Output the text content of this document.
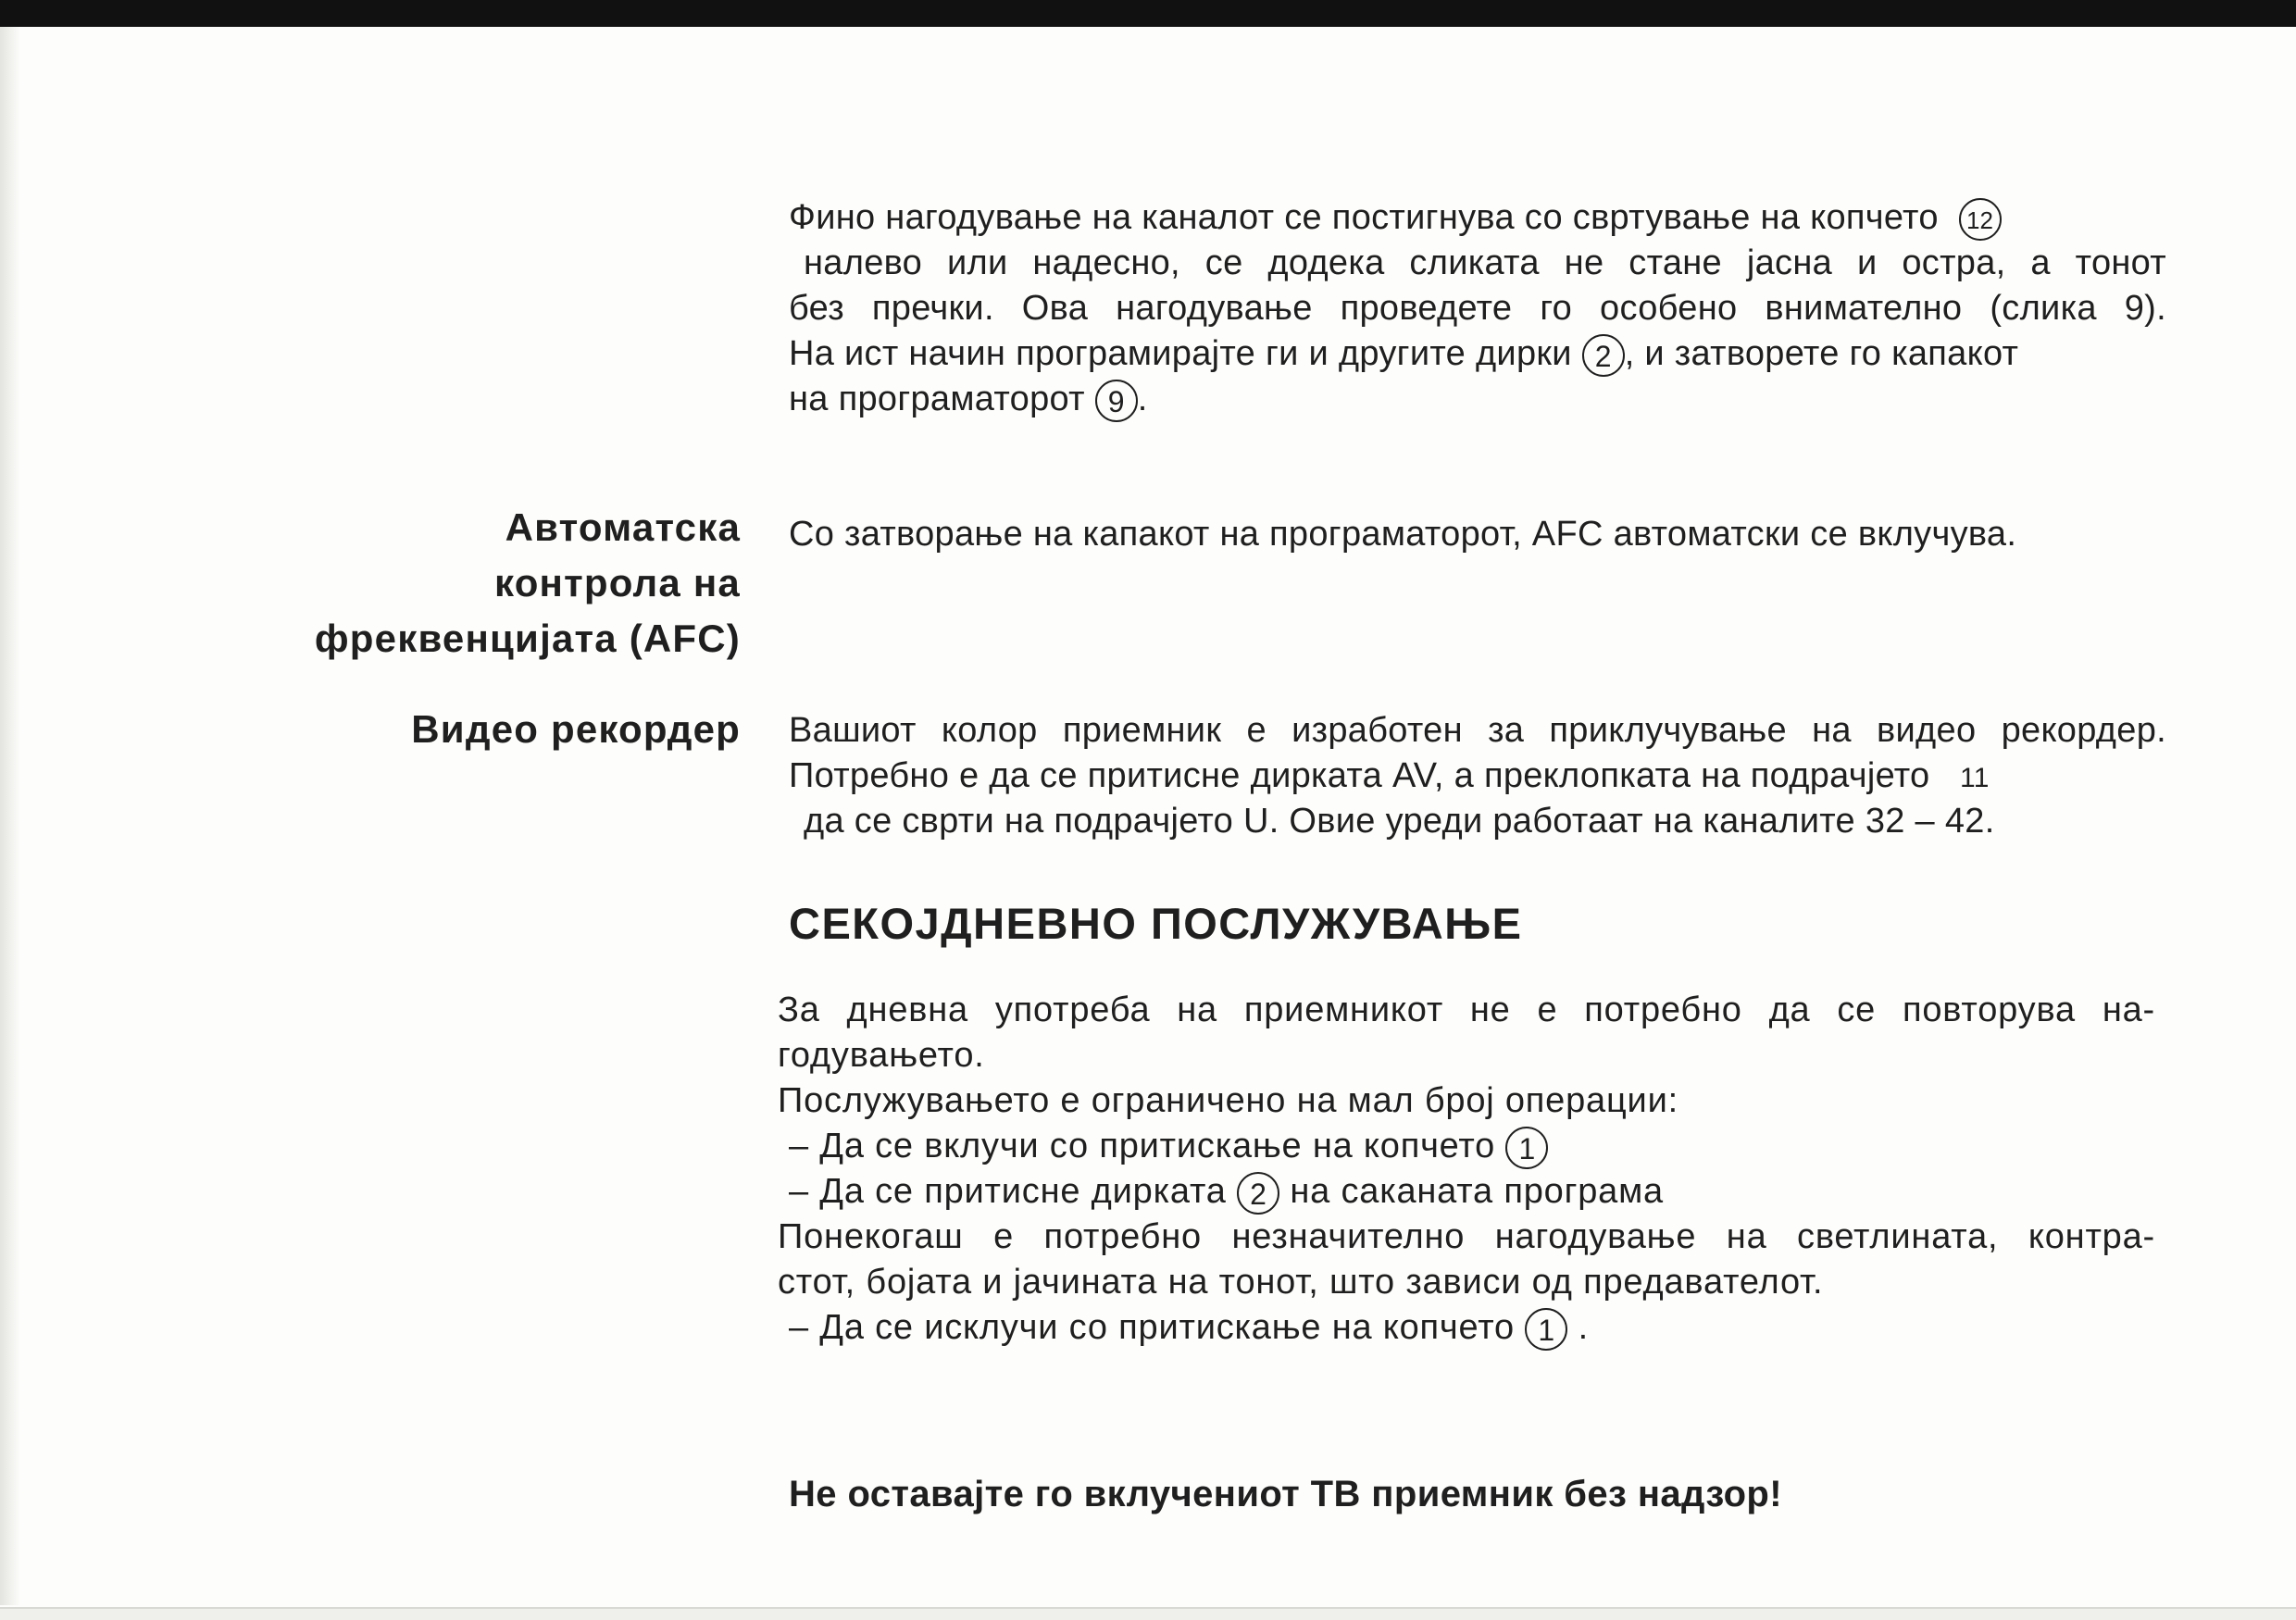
Фино нагодување на каналот се постигнува со свртување на копчето 12
налево или надесно, се додека сликата не стане јасна и остра, а тонот
без пречки. Ова нагодување проведете го особено внимателно (слика 9).
На ист начин програмирајте ги и другите дирки 2 , и затворете го капакот
на програматорот 9 .
Автоматска
контрола на
фреквенцијата (AFC)
Со затворање на капакот на програматорот, AFC автоматски се вклучува.
Видео рекордер Вашиот колор приемник е изработен за приклучување на видео рекордер.
Потребно е да се притисне дирката AV, а преклопката на подрачјето 11
да се сврти на подрачјето U. Овие уреди работаат на каналите 32 – 42.
СЕКОЈДНЕВНО ПОСЛУЖУВАЊЕ
За дневна употреба на приемникот не е потребно да се повторува на-
годувањето.
Послужувањето е ограничено на мал број операции:
– Да се вклучи со притискање на копчето 1
– Да се притисне дирката 2 на саканата програма
Понекогаш е потребно незначително нагодување на светлината, контра-
стот, бојата и јачината на тонот, што зависи од предавателот.
– Да се исклучи со притискање на копчето 1 .
Не оставајте го вклучениот ТВ приемник без надзор!
